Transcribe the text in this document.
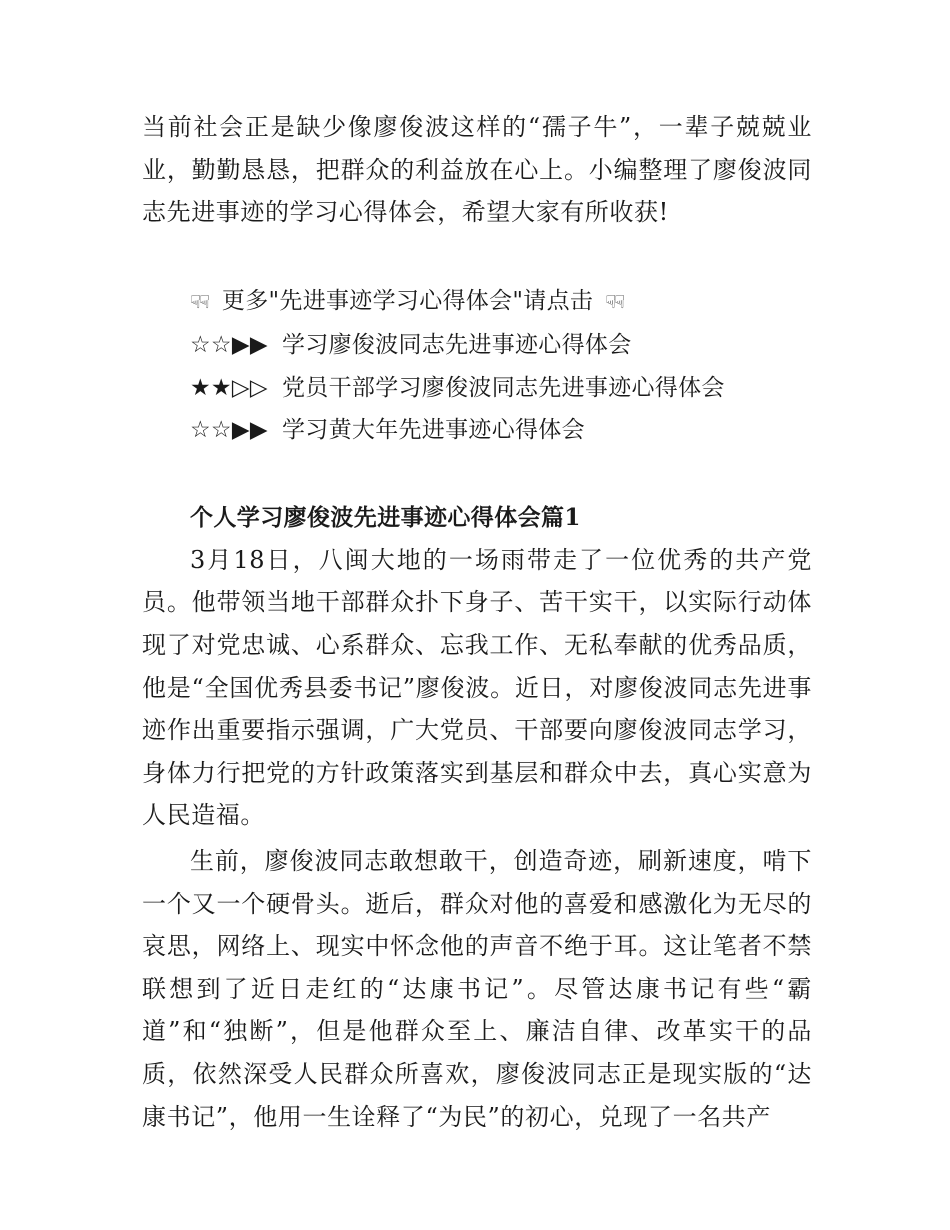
当前社会正是缺少像廖俊波这样的“孺子牛”，一辈子兢兢业业，勤勤恳恳，把群众的利益放在心上。小编整理了廖俊波同志先进事迹的学习心得体会，希望大家有所收获!

☟☟ 更多"先进事迹学习心得体会"请点击 ☟☟
☆☆▶▶ 学习廖俊波同志先进事迹心得体会
★★▷▷ 党员干部学习廖俊波同志先进事迹心得体会
☆☆▶▶ 学习黄大年先进事迹心得体会
个人学习廖俊波先进事迹心得体会篇1

3月18日，八闽大地的一场雨带走了一位优秀的共产党员。他带领当地干部群众扑下身子、苦干实干，以实际行动体现了对党忠诚、心系群众、忘我工作、无私奉献的优秀品质，他是“全国优秀县委书记”廖俊波。近日，对廖俊波同志先进事迹作出重要指示强调，广大党员、干部要向廖俊波同志学习，身体力行把党的方针政策落实到基层和群众中去，真心实意为人民造福。

生前，廖俊波同志敢想敢干，创造奇迹，刷新速度，啃下一个又一个硬骨头。逝后，群众对他的喜爱和感激化为无尽的哀思，网络上、现实中怀念他的声音不绝于耳。这让笔者不禁联想到了近日走红的“达康书记”。尽管达康书记有些“霸道”和“独断”，但是他群众至上、廉洁自律、改革实干的品质，依然深受人民群众所喜欢，廖俊波同志正是现实版的“达康书记”，他用一生诠释了“为民”的初心，兑现了一名共产
